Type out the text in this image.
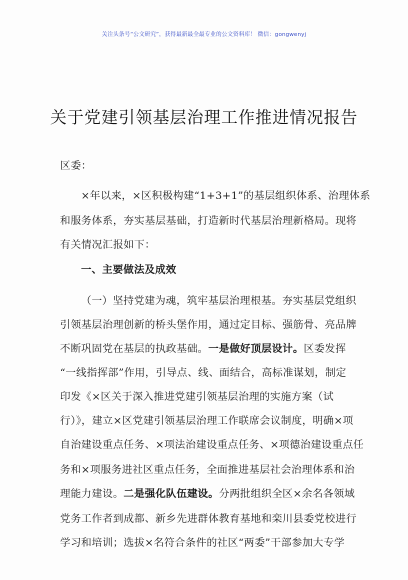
关注头条号“公文研究”，获得最新最全最专业的公文资料库！ 微信：gongwenyj
关于党建引领基层治理工作推进情况报告
区委：
×年以来，×区积极构建“1+3+1”的基层组织体系、治理体系
和服务体系，夯实基层基础，打造新时代基层治理新格局。现将
有关情况汇报如下：
一、主要做法及成效
（一）坚持党建为魂，筑牢基层治理根基。夯实基层党组织
引领基层治理创新的桥头堡作用，通过定目标、强筋骨、亮品牌
不断巩固党在基层的执政基础。一是做好顶层设计。区委发挥
“一线指挥部”作用，引导点、线、面结合，高标准谋划，制定
印发《×区关于深入推进党建引领基层治理的实施方案（试
行）》，建立×区党建引领基层治理工作联席会议制度，明确×项
自治建设重点任务、×项法治建设重点任务、×项德治建设重点任
务和×项服务进社区重点任务，全面推进基层社会治理体系和治
理能力建设。二是强化队伍建设。分两批组织全区×余名各领域
党务工作者到成都、新乡先进群体教育基地和栾川县委党校进行
学习和培训；选拔×名符合条件的社区“两委”干部参加大专学
